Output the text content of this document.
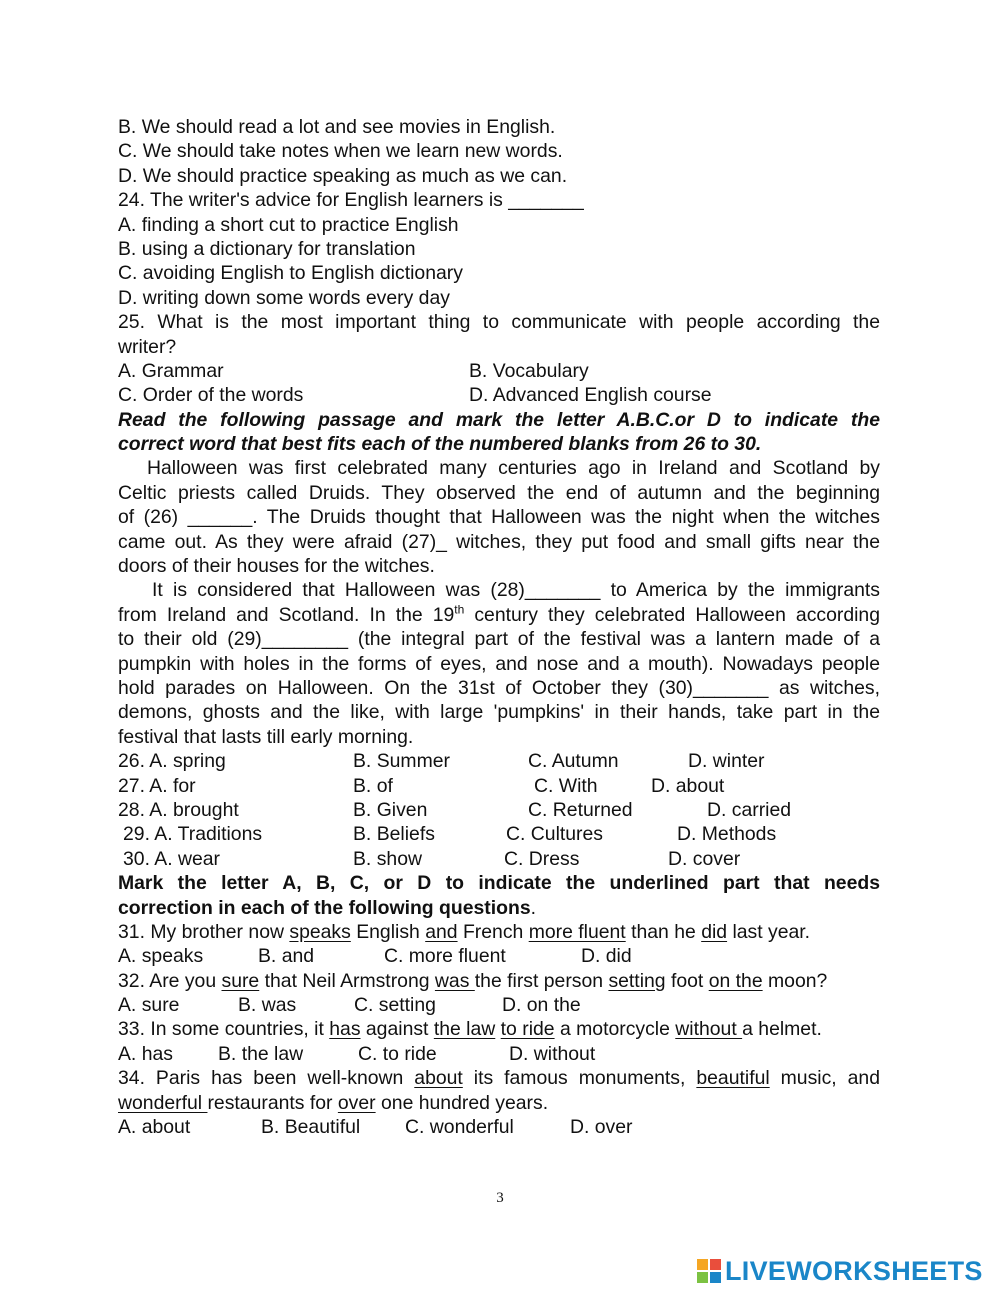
B. We should read a lot and see movies in English.
C. We should take notes when we learn new words.
D. We should practice speaking as much as we can.
24. The writer's advice for English learners is _______
A. finding a short cut to practice English
B. using a dictionary for translation
C. avoiding English to English dictionary
D. writing down some words every day
25. What is the most important thing to communicate with people according the
writer?
A. Grammar	B. Vocabulary
C. Order of the words	D. Advanced English course
Read the following passage and mark the letter A.B.C.or D to indicate the
correct word that best fits each of the numbered blanks from 26 to 30.
Halloween was first celebrated many centuries ago in Ireland and Scotland by
Celtic priests called Druids. They observed the end of autumn and the beginning
of (26) ______. The Druids thought that Halloween was the night when the witches
came out. As they were afraid (27)_ witches, they put food and small gifts near the
doors of their houses for the witches.
It is considered that Halloween was (28)_______ to America by the immigrants
from Ireland and Scotland. In the 19th century they celebrated Halloween according
to their old (29)________ (the integral part of the festival was a lantern made of a
pumpkin with holes in the forms of eyes, and nose and a mouth). Nowadays people
hold parades on Halloween. On the 31st of October they (30)_______ as witches,
demons, ghosts and the like, with large 'pumpkins' in their hands, take part in the
festival that lasts till early morning.
26. A. spring	B. Summer	C. Autumn	D. winter
27. A. for	B. of	C. With	D. about
28. A. brought	B. Given	C. Returned	D. carried
29. A. Traditions	B. Beliefs	C. Cultures	D. Methods
30. A. wear	B. show	C. Dress	D. cover
Mark the letter A, B, C, or D to indicate the underlined part that needs
correction in each of the following questions.
31. My brother now speaks English and French more fluent than he did last year.
A. speaks	B. and	C. more fluent	D. did
32. Are you sure that Neil Armstrong was the first person setting foot on the moon?
A. sure	B. was	C. setting	D. on the
33. In some countries, it has against the law to ride a motorcycle without a helmet.
A. has B. the law	C. to ride	D. without
34. Paris has been well-known about its famous monuments, beautiful music, and
wonderful restaurants for over one hundred years.
A. about	B. Beautiful C. wonderful	D. over
3
LIVEWORKSHEETS
